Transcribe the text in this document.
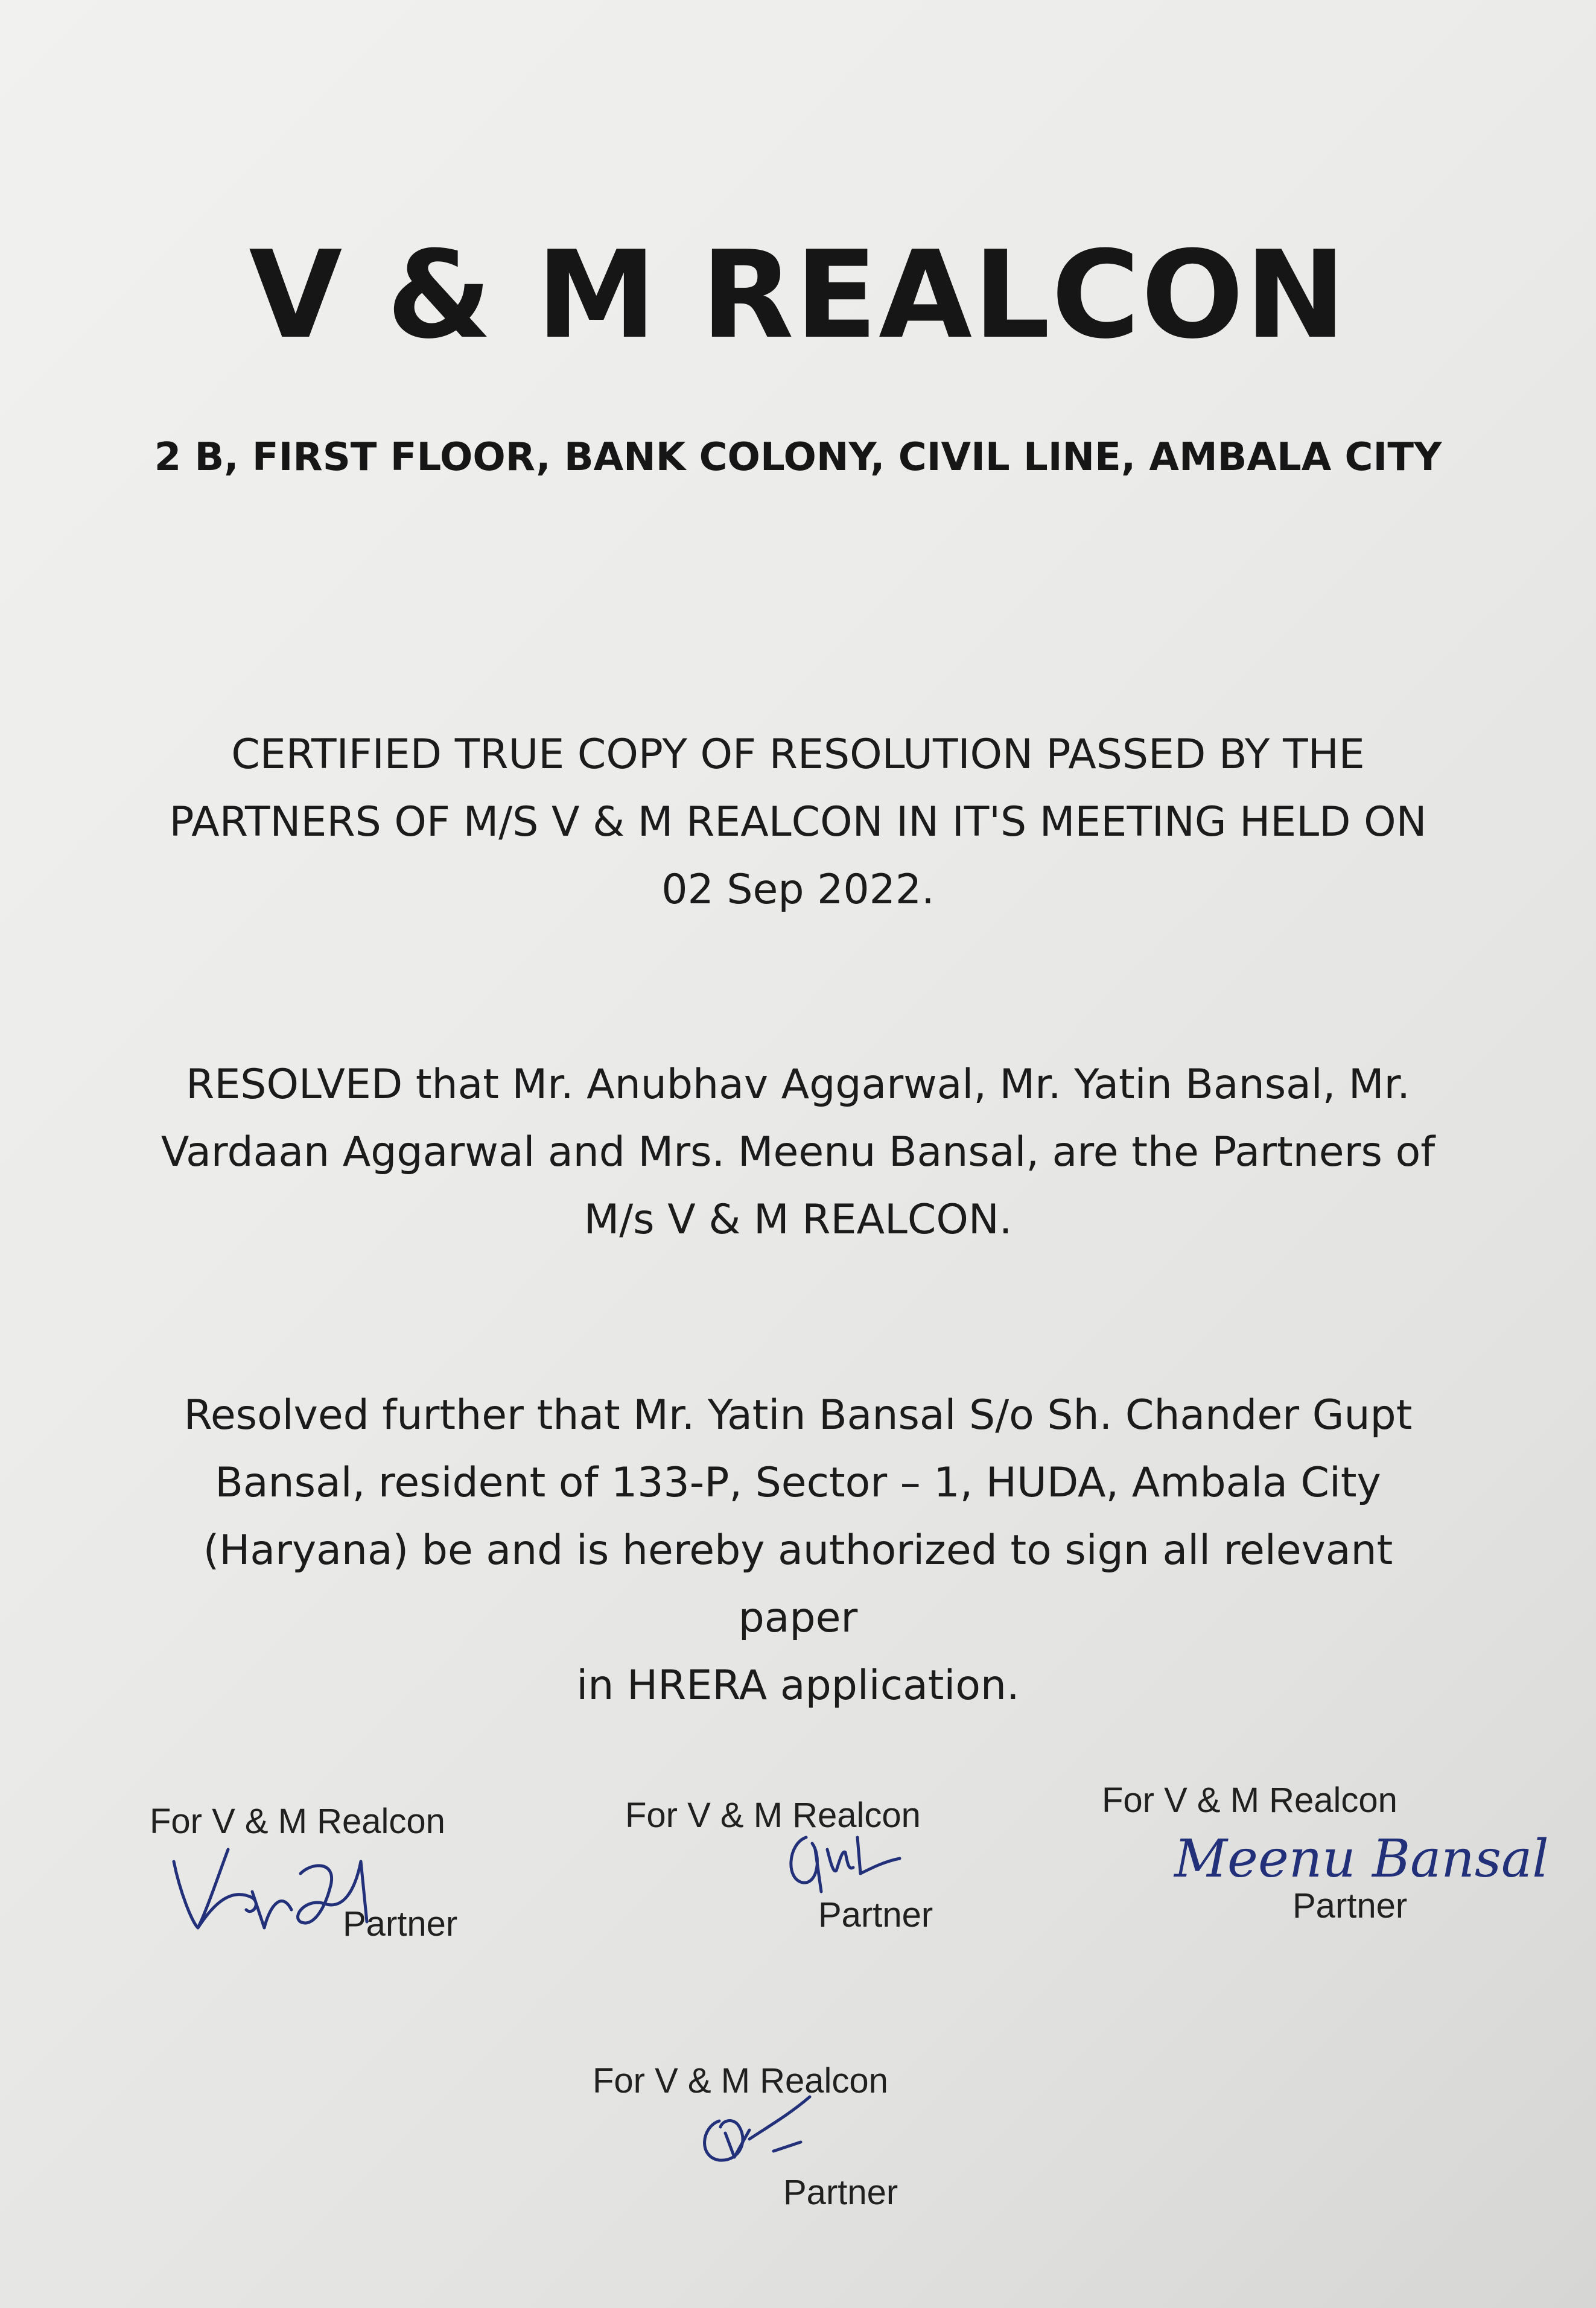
V & M REALCON
2 B, FIRST FLOOR, BANK COLONY, CIVIL LINE, AMBALA CITY
CERTIFIED TRUE COPY OF RESOLUTION PASSED BY THE
PARTNERS OF M/S V & M REALCON IN IT'S MEETING HELD ON
02 Sep 2022.
RESOLVED that Mr. Anubhav Aggarwal, Mr. Yatin Bansal, Mr.
Vardaan Aggarwal and Mrs. Meenu Bansal, are the Partners of
M/s V & M REALCON.
Resolved further that Mr. Yatin Bansal S/o Sh. Chander Gupt
Bansal, resident of 133-P, Sector – 1, HUDA, Ambala City
(Haryana) be and is hereby authorized to sign all relevant paper
in HRERA application.
For V & M Realcon
Partner
For V & M Realcon
Partner
For V & M Realcon
Meenu Bansal
Partner
For V & M Realcon
Partner
